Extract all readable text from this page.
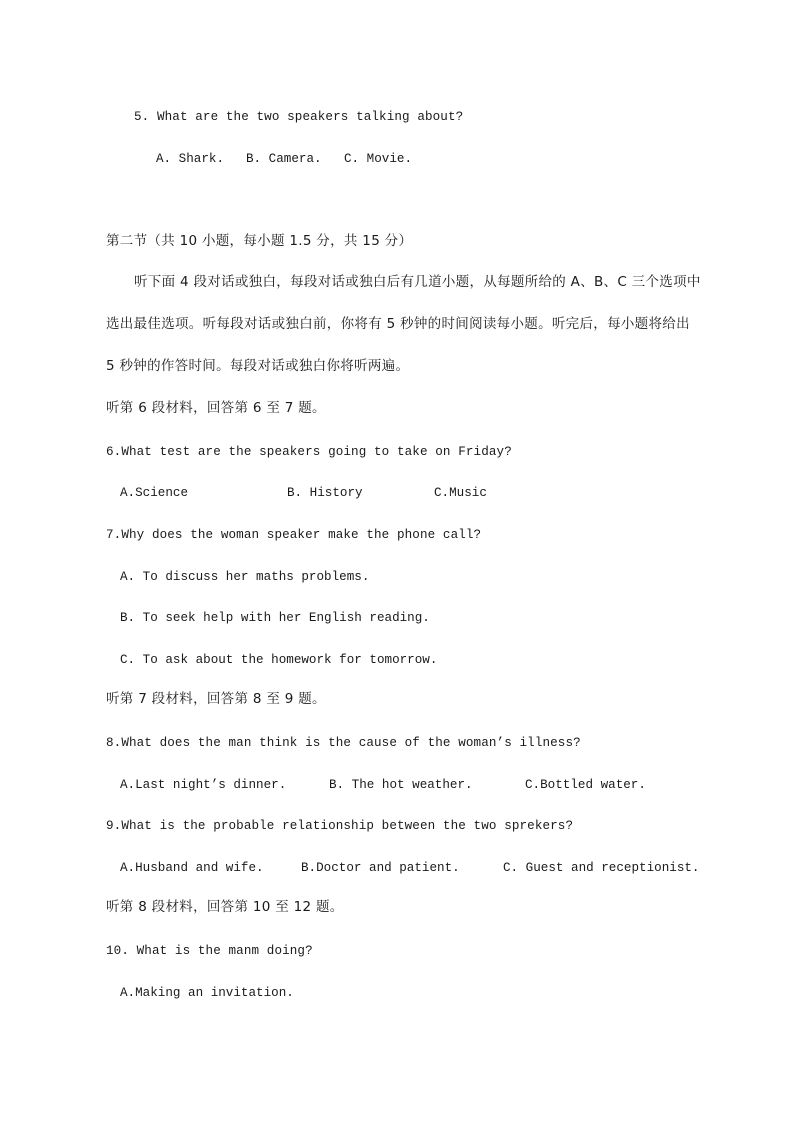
5. What are the two speakers talking about?
A. Shark. B. Camera. C. Movie.
第二节（共 10 小题，每小题 1.5 分，共 15 分）
听下面 4 段对话或独白，每段对话或独白后有几道小题，从每题所给的 A、B、C 三个选项中
选出最佳选项。听每段对话或独白前，你将有 5 秒钟的时间阅读每小题。听完后，每小题将给出
5 秒钟的作答时间。每段对话或独白你将听两遍。
听第 6 段材料，回答第 6 至 7 题。
6.What test are the speakers going to take on Friday?
A.Science	B. History	C.Music
7.Why does the woman speaker make the phone call?
A. To discuss her maths problems.
B. To seek help with her English reading.
C. To ask about the homework for tomorrow.
听第 7 段材料，回答第 8 至 9 题。
8.What does the man think is the cause of the woman’s illness?
A.Last night’s dinner.	B. The hot weather.	C.Bottled water.
9.What is the probable relationship between the two sprekers?
A.Husband and wife.	B.Doctor and patient.	C. Guest and receptionist.
听第 8 段材料，回答第 10 至 12 题。
10. What is the manm doing?
A.Making an invitation.
